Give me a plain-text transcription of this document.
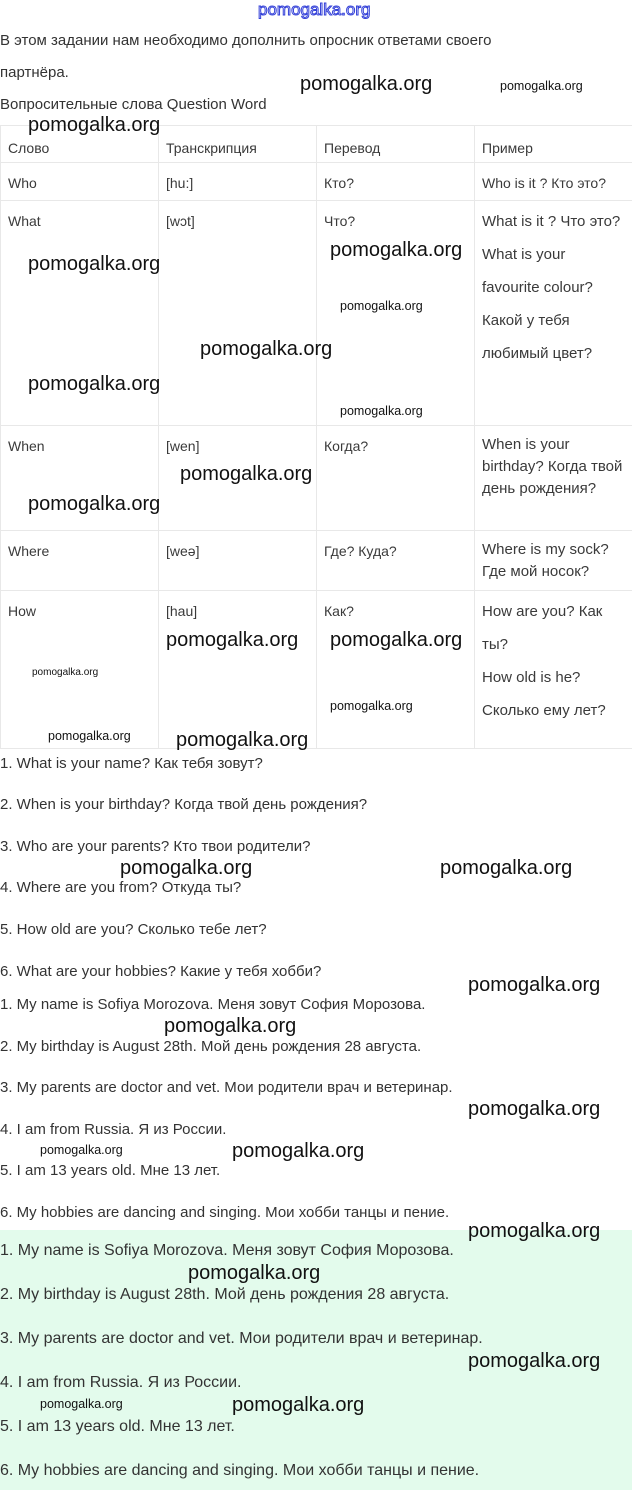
В этом задании нам необходимо дополнить опросник ответами своего
партнёра.
Вопросительные слова Question Word
Слово	Транскрипция	Перевод	Пример
Who	[hu:]	Кто?	Who is it ? Кто это?
What	[wɔt]	Что?	What is it ? Что это?
What is your favourite colour? Какой у тебя любимый цвет?

When	[wen]	Когда?	When is your birthday? Когда твой день рождения?
Where	[weə]	Где? Куда?	Where is my sock? Где мой носок?
How	[hau]	Как?	How are you? Как ты?
How old is he? Сколько ему лет?
1. What is your name? Как тебя зовут?
2. When is your birthday? Когда твой день рождения?
3. Who are your parents? Кто твои родители?
4. Where are you from? Откуда ты?
5. How old are you? Сколько тебе лет?
6. What are your hobbies? Какие у тебя хобби?
1. My name is Sofiya Morozova. Меня зовут София Морозова.
2. My birthday is August 28th. Мой день рождения 28 августа.
3. My parents are doctor and vet. Мои родители врач и ветеринар.
4. I am from Russia. Я из России.
5. I am 13 years old. Мне 13 лет.
6. My hobbies are dancing and singing. Мои хобби танцы и пение.
1. My name is Sofiya Morozova. Меня зовут София Морозова.
2. My birthday is August 28th. Мой день рождения 28 августа.
3. My parents are doctor and vet. Мои родители врач и ветеринар.
4. I am from Russia. Я из России.
5. I am 13 years old. Мне 13 лет.
6. My hobbies are dancing and singing. Мои хобби танцы и пение.
pomogalka.org
pomogalka.org	pomogalka.org
pomogalka.org
pomogalka.org
pomogalka.org
pomogalka.org
pomogalka.org
pomogalka.org
pomogalka.org
pomogalka.org
pomogalka.org
pomogalka.org
pomogalka.org
pomogalka.org
pomogalka.org
pomogalka.org pomogalka.org
pomogalka.org
pomogalka.org
pomogalka.org
pomogalka.org
pomogalka.org
pomogalka.org	pomogalka.org
pomogalka.org
pomogalka.org
pomogalka.org
pomogalka.org	pomogalka.org
